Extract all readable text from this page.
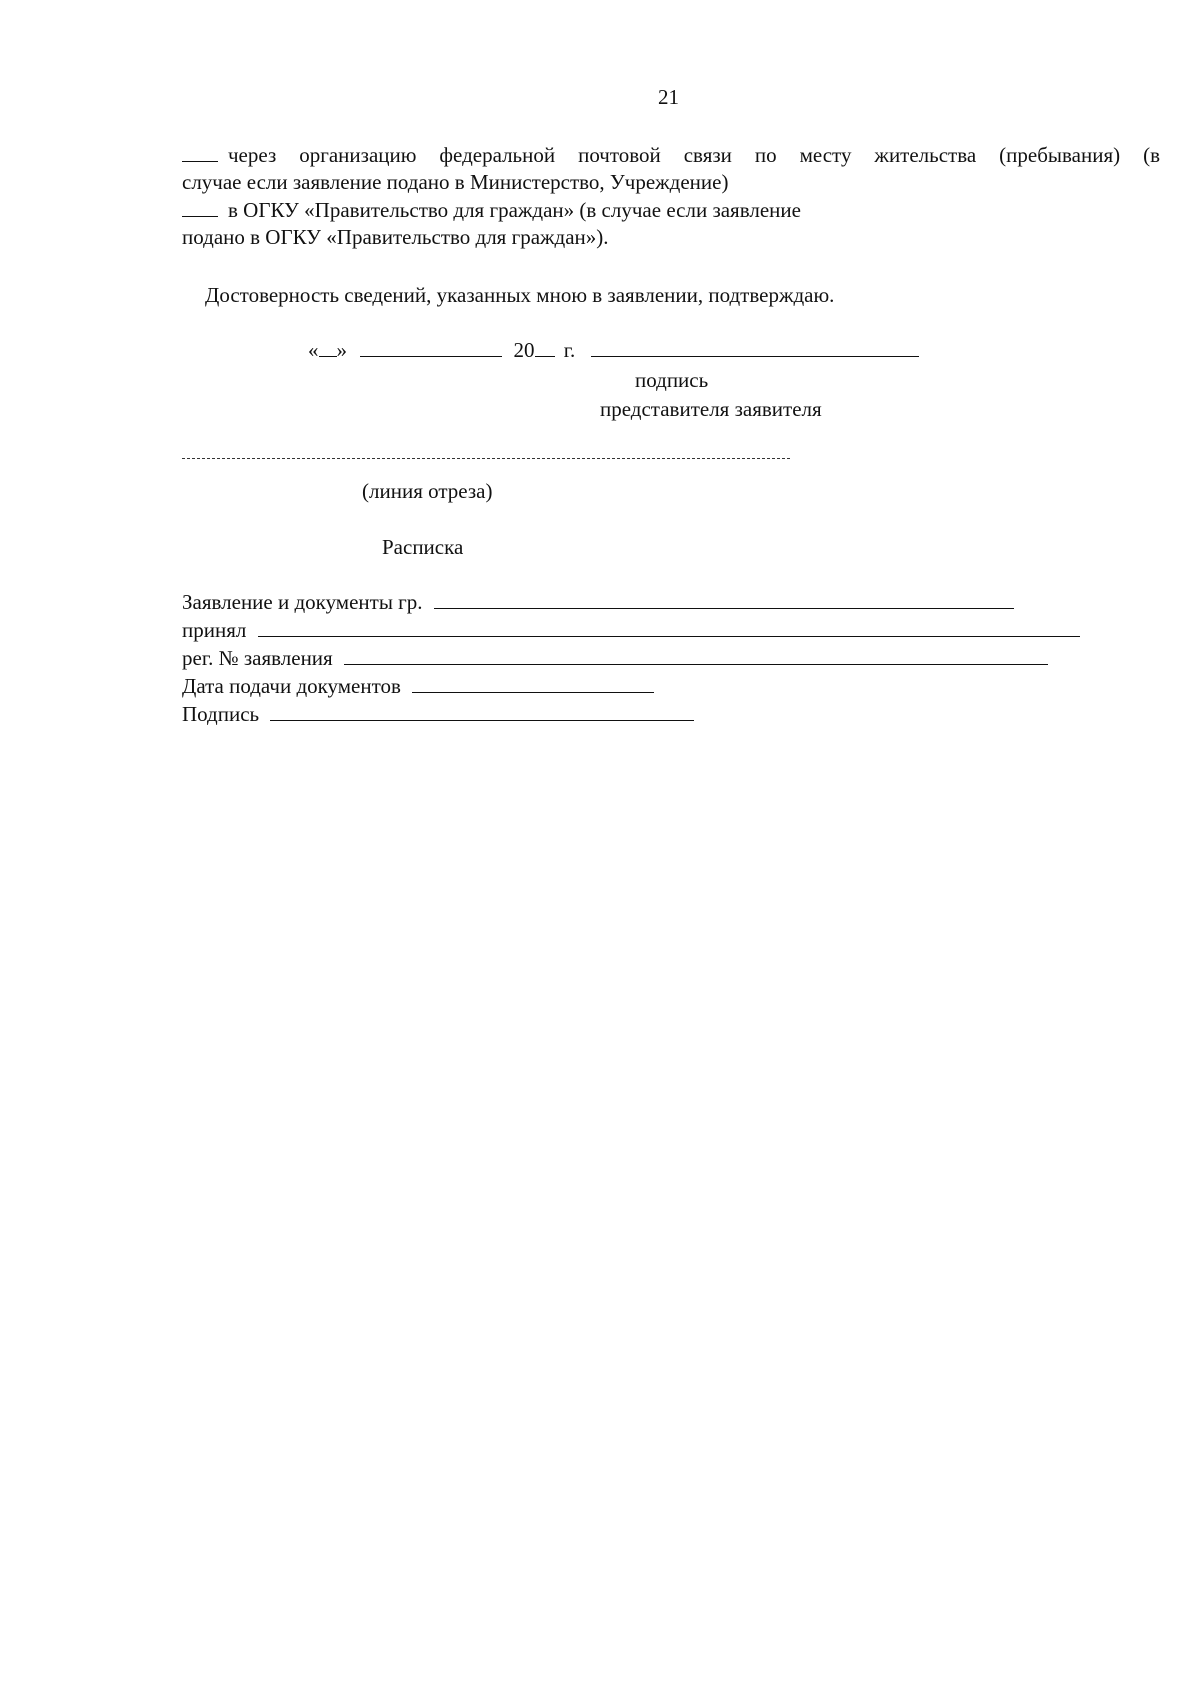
21
через организацию федеральной почтовой связи по месту жительства (пребывания) (в
случае если заявление подано в Министерство, Учреждение)
в ОГКУ «Правительство для граждан» (в случае если заявление
подано в ОГКУ «Правительство для граждан»).
Достоверность сведений, указанных мною в заявлении, подтверждаю.
« »	20 г.
подпись
представителя заявителя
(линия отреза)
Расписка
Заявление и документы гр.
принял
рег. № заявления
Дата подачи документов
Подпись
